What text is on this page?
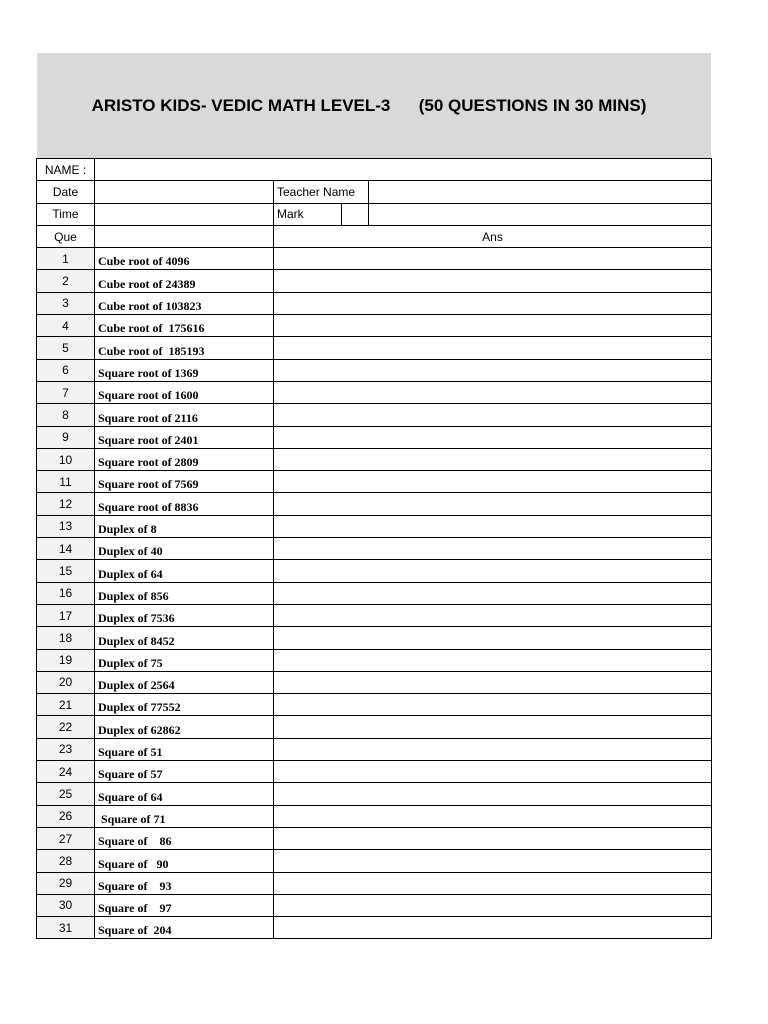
ARISTO KIDS- VEDIC MATH LEVEL-3      (50 QUESTIONS IN 30 MINS)
NAME :				
Date		Teacher Name		
Time		Mark		
Que		Ans		
1	Cube root of 4096			
2	Cube root of 24389			
3	Cube root of 103823			
4	Cube root of  175616			
5	Cube root of  185193			
6	Square root of 1369			
7	Square root of 1600			
8	Square root of 2116			
9	Square root of 2401			
10	Square root of 2809			
11	Square root of 7569			
12	Square root of 8836			
13	Duplex of 8			
14	Duplex of 40			
15	Duplex of 64			
16	Duplex of 856			
17	Duplex of 7536			
18	Duplex of 8452			
19	Duplex of 75			
20	Duplex of 2564			
21	Duplex of 77552			
22	Duplex of 62862			
23	Square of 51			
24	Square of 57			
25	Square of 64			
26	Square of 71			
27	Square of    86			
28	Square of   90			
29	Square of    93			
30	Square of    97			
31	Square of  204			
